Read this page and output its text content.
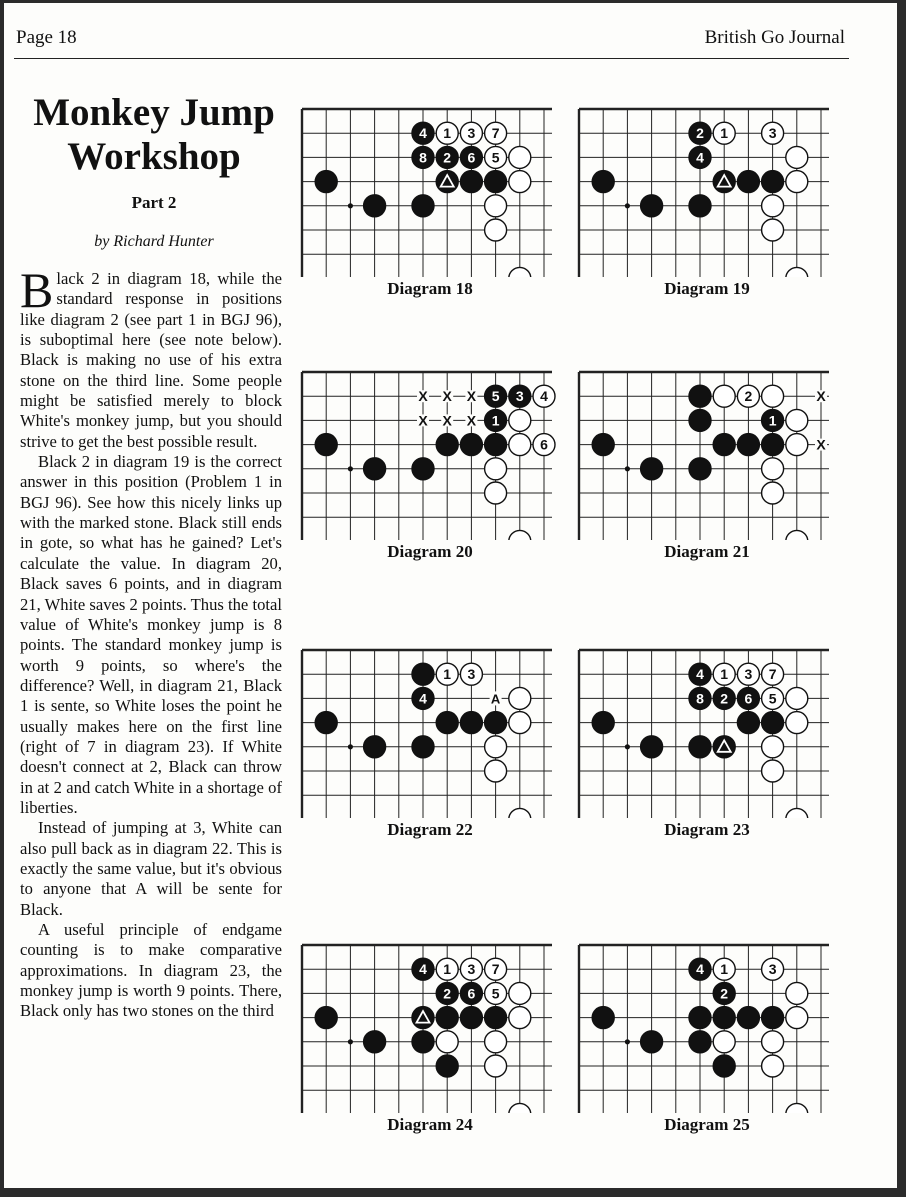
Page 18	British Go Journal
Monkey Jump
Workshop
Part 2
by Richard Hunter

Black 2 in diagram 18, while the standard response in positions like diagram 2 (see part 1 in BGJ 96), is suboptimal here (see note below). Black is making no use of his extra stone on the third line. Some people might be satisfied merely to block White's monkey jump, but you should strive to get the best possible result.

Black 2 in diagram 19 is the correct answer in this position (Problem 1 in BGJ 96). See how this nicely links up with the marked stone. Black still ends in gote, so what has he gained? Let's calculate the value. In diagram 20, Black saves 6 points, and in diagram 21, White saves 2 points. Thus the total value of White's monkey jump is 8 points. The standard monkey jump is worth 9 points, so where's the difference? Well, in diagram 21, Black 1 is sente, so White loses the point he usually makes here on the first line (right of 7 in diagram 23). If White doesn't connect at 2, Black can throw in at 2 and catch White in a shortage of liberties.

Instead of jumping at 3, White can also pull back as in diagram 22. This is exactly the same value, but it's obvious to anyone that A will be sente for Black.

A useful principle of endgame counting is to make comparative approximations. In diagram 23, the monkey jump is worth 9 points. There, Black only has two stones on the third

4 1 3 7
8 2 6 5
Diagram 18
2 1	3
4
Diagram 19
5 3 4
1
6
X X X
X X X
Diagram 20
2
1
X
X
Diagram 21
1 3
4	A
Diagram 22
4 1 3 7
8 2 6 5
Diagram 23
4 1 3 7
2 6 5
Diagram 24
4 1	3
2
Diagram 25
